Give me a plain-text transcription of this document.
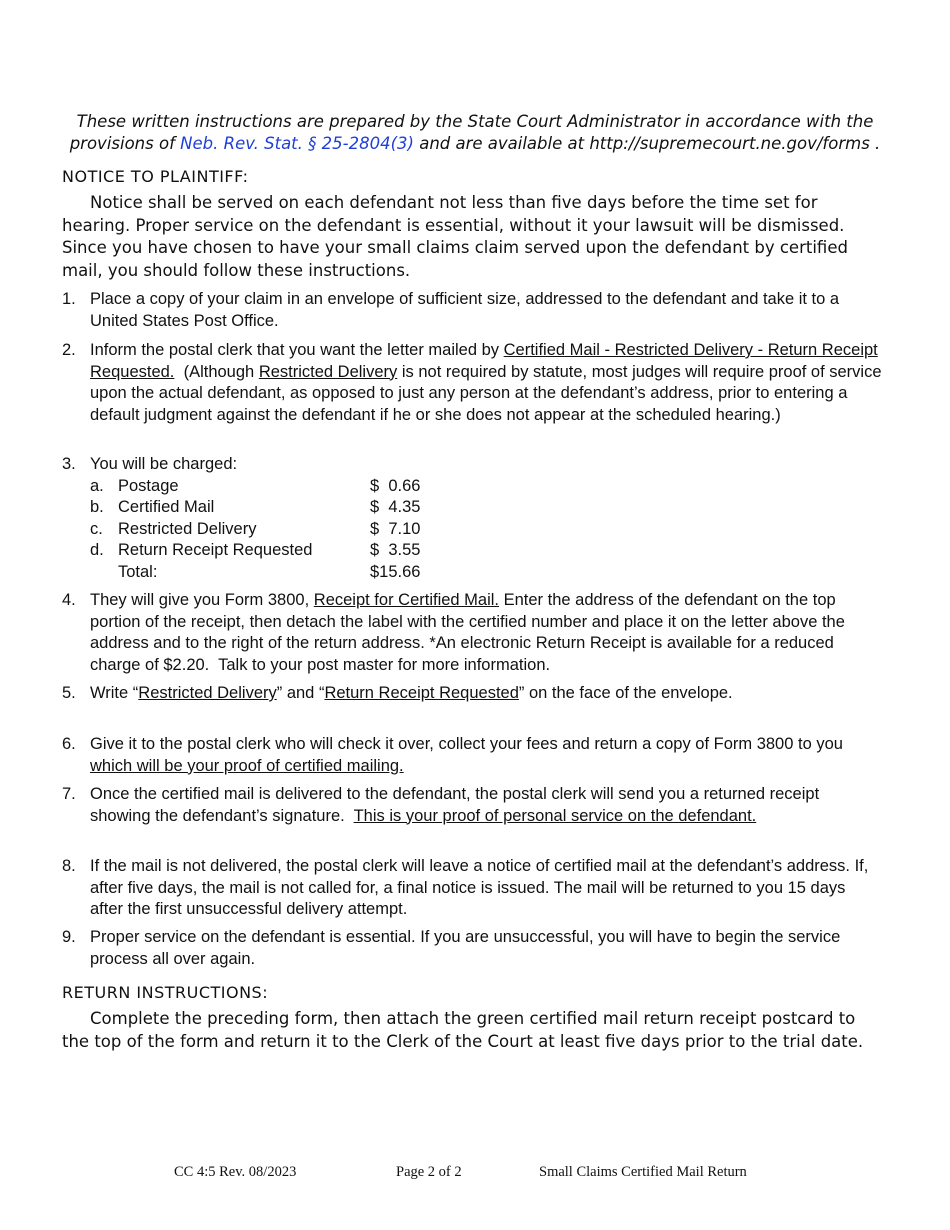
These written instructions are prepared by the State Court Administrator in accordance with the
provisions of Neb. Rev. Stat. § 25-2804(3) and are available at http://supremecourt.ne.gov/forms .
NOTICE TO PLAINTIFF:
Notice shall be served on each defendant not less than five days before the time set for hearing. Proper service on the defendant is essential, without it your lawsuit will be dismissed. Since you have chosen to have your small claims claim served upon the defendant by certified mail, you should follow these instructions.
1. Place a copy of your claim in an envelope of sufficient size, addressed to the defendant and take it to a United States Post Office.
2. Inform the postal clerk that you want the letter mailed by Certified Mail - Restricted Delivery - Return Receipt Requested.  (Although Restricted Delivery is not required by statute, most judges will require proof of service upon the actual defendant, as opposed to just any person at the defendant’s address, prior to entering a default judgment against the defendant if he or she does not appear at the scheduled hearing.)
3. You will be charged:
a. Postage	$  0.66
b. Certified Mail	$  4.35
c. Restricted Delivery	$  7.10
d. Return Receipt Requested	$  3.55
Total:	$15.66
4. They will give you Form 3800, Receipt for Certified Mail. Enter the address of the defendant on the top portion of the receipt, then detach the label with the certified number and place it on the letter above the address and to the right of the return address. *An electronic Return Receipt is available for a reduced charge of $2.20.  Talk to your post master for more information.
5. Write “Restricted Delivery” and “Return Receipt Requested” on the face of the envelope.
6. Give it to the postal clerk who will check it over, collect your fees and return a copy of Form 3800 to you which will be your proof of certified mailing.
7. Once the certified mail is delivered to the defendant, the postal clerk will send you a returned receipt showing the defendant’s signature. This is your proof of personal service on the defendant.
8. If the mail is not delivered, the postal clerk will leave a notice of certified mail at the defendant’s address. If, after five days, the mail is not called for, a final notice is issued. The mail will be returned to you 15 days after the first unsuccessful delivery attempt.
9. Proper service on the defendant is essential. If you are unsuccessful, you will have to begin the service process all over again.
RETURN INSTRUCTIONS:
Complete the preceding form, then attach the green certified mail return receipt postcard to the top of the form and return it to the Clerk of the Court at least five days prior to the trial date.
CC 4:5 Rev. 08/2023	Page 2 of 2	Small Claims Certified Mail Return
